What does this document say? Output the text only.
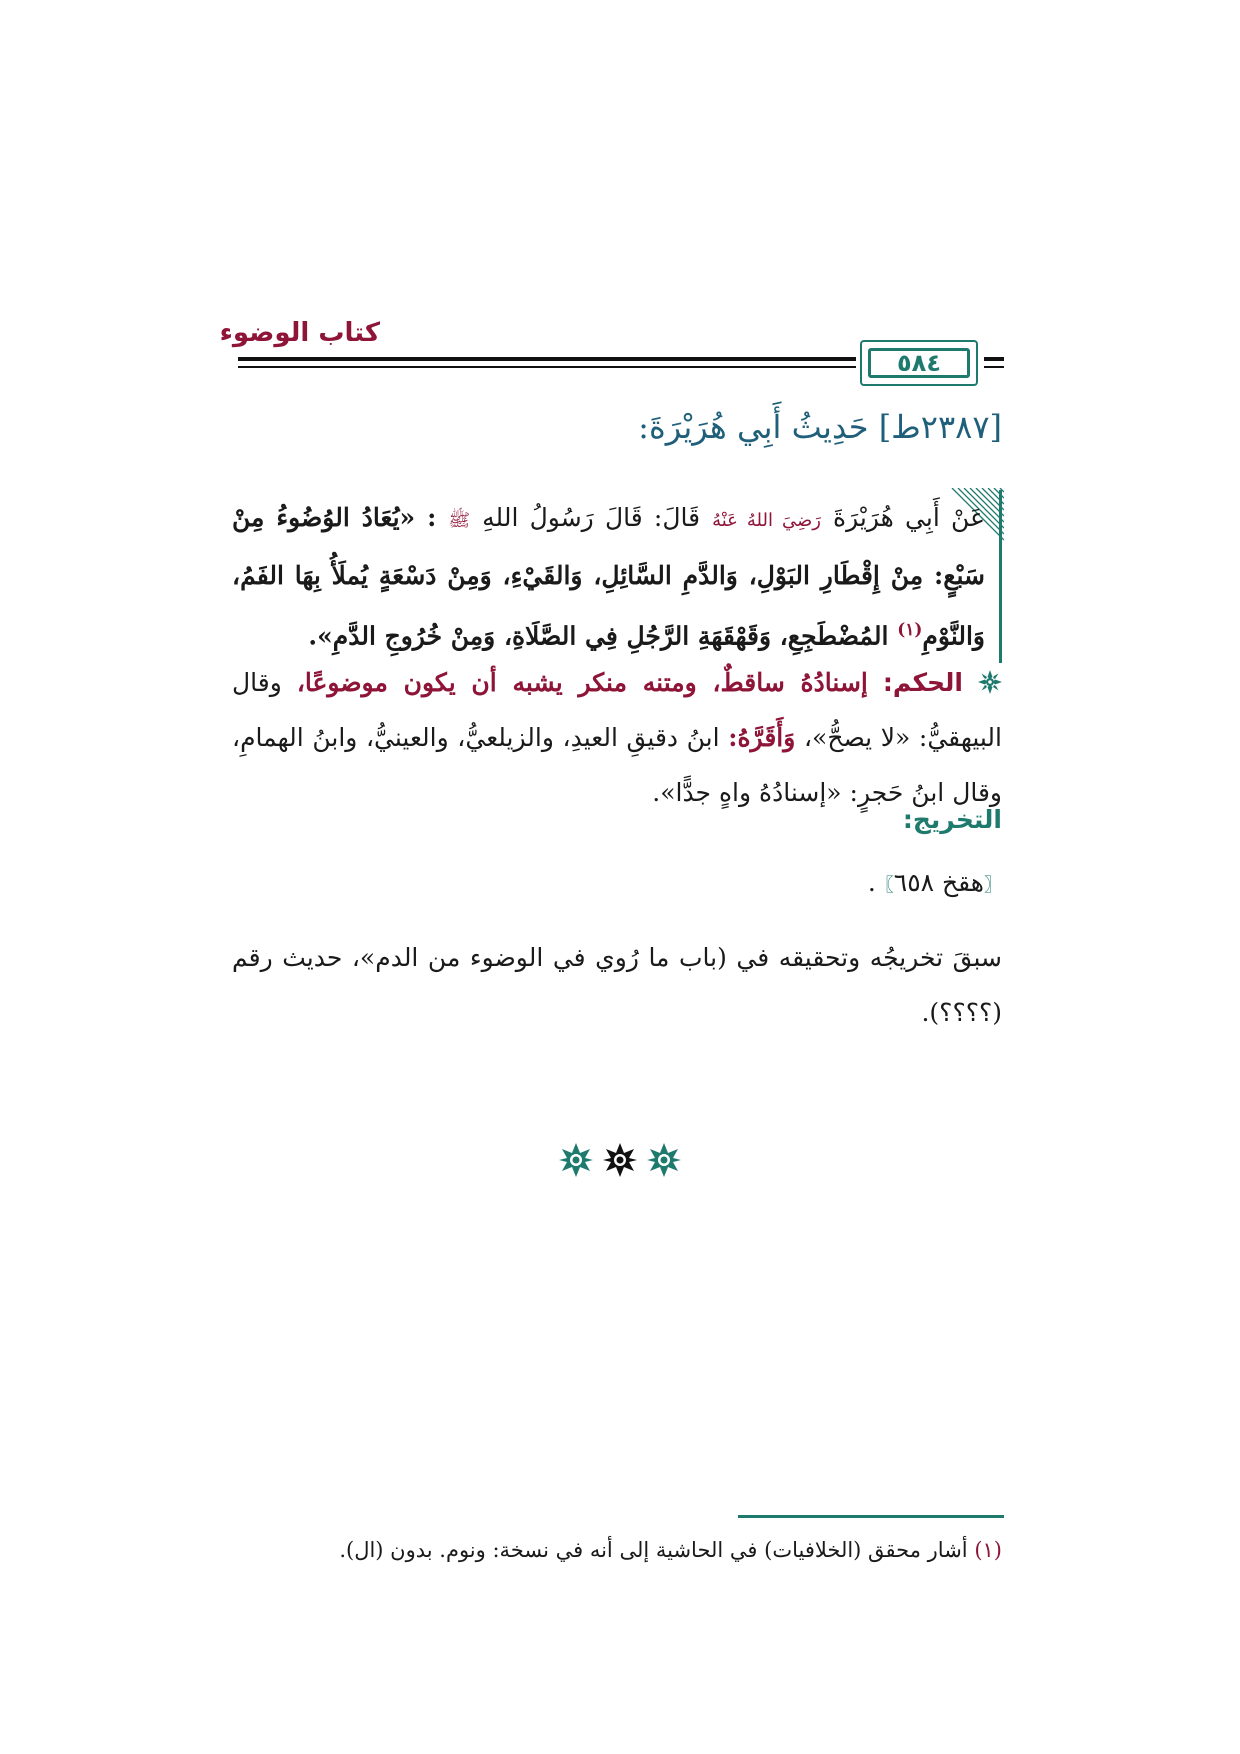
كتاب الوضوء
٥٨٤
[٢٣٨٧ط] حَدِيثُ أَبِي هُرَيْرَةَ:
عَنْ أَبِي هُرَيْرَةَ رَضِيَ اللهُ عَنْهُ قَالَ: قَالَ رَسُولُ اللهِ ﷺ : «يُعَادُ الوُضُوءُ مِنْ سَبْعٍ: مِنْ إِقْطَارِ البَوْلِ، وَالدَّمِ السَّائِلِ، وَالقَيْءِ، وَمِنْ دَسْعَةٍ يُملَأُ بِهَا الفَمُ، وَالنَّوْمِ$^{(١)}$ المُضْطَجِعِ، وَقَهْقَهَةِ الرَّجُلِ فِي الصَّلَاةِ، وَمِنْ خُرُوجِ الدَّمِ».
الحكم: إسنادُهُ ساقطٌ، ومتنه منكر يشبه أن يكون موضوعًا، وقال البيهقيُّ: «لا يصحُّ»، وَأَقَرَّهُ: ابنُ دقيقِ العيدِ، والزيلعيُّ، والعينيُّ، وابنُ الهمامِ، وقال ابنُ حَجرٍ: «إسنادُهُ واهٍ جدًّا».
التخريج:
〖هقخ ٦٥٨〗.
سبقَ تخريجُه وتحقيقه في (باب ما رُوي في الوضوء من الدم»، حديث رقم (؟؟؟؟).
(١) أشار محقق (الخلافيات) في الحاشية إلى أنه في نسخة: ونوم. بدون (ال).
